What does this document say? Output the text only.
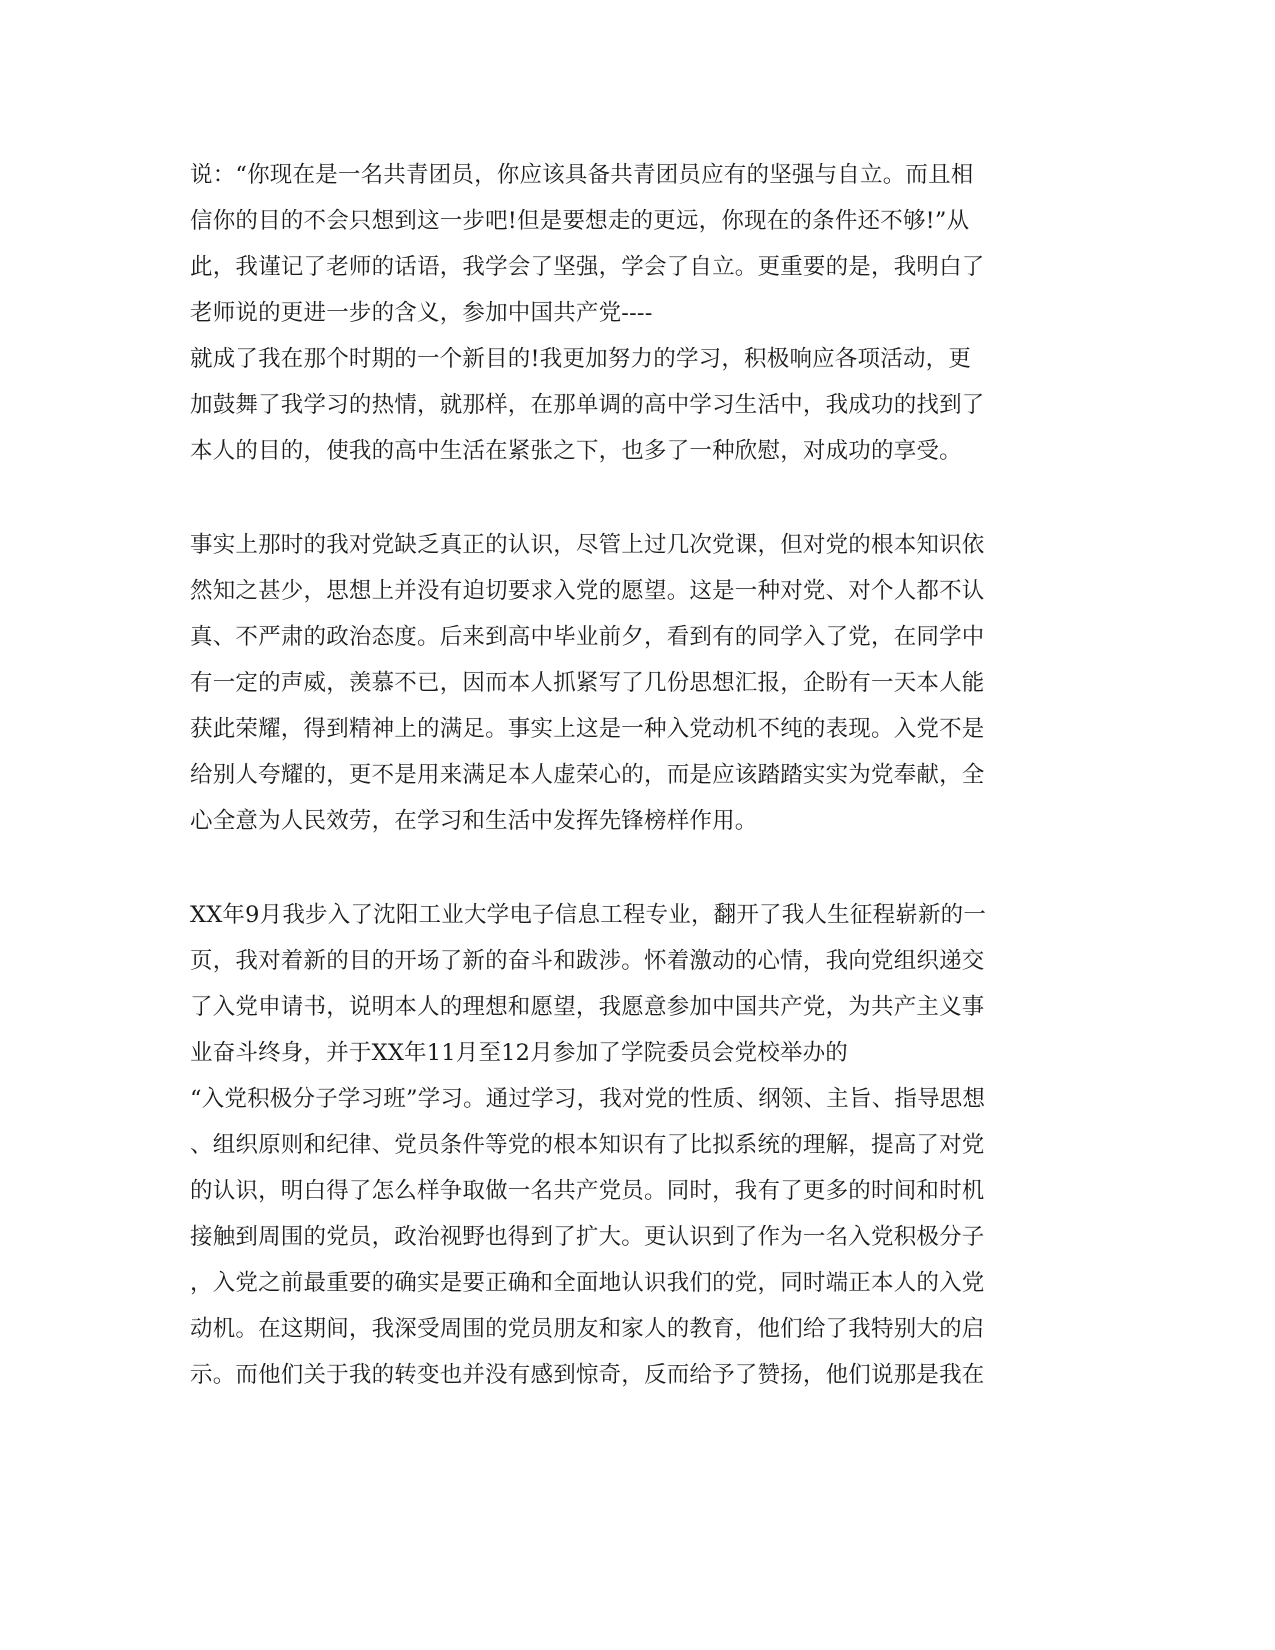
说：“你现在是一名共青团员，你应该具备共青团员应有的坚强与自立。而且相
信你的目的不会只想到这一步吧!但是要想走的更远，你现在的条件还不够!”从
此，我谨记了老师的话语，我学会了坚强，学会了自立。更重要的是，我明白了
老师说的更进一步的含义，参加中国共产党----
就成了我在那个时期的一个新目的!我更加努力的学习，积极响应各项活动，更
加鼓舞了我学习的热情，就那样，在那单调的高中学习生活中，我成功的找到了
本人的目的，使我的高中生活在紧张之下，也多了一种欣慰，对成功的享受。
事实上那时的我对党缺乏真正的认识，尽管上过几次党课，但对党的根本知识依
然知之甚少，思想上并没有迫切要求入党的愿望。这是一种对党、对个人都不认
真、不严肃的政治态度。后来到高中毕业前夕，看到有的同学入了党，在同学中
有一定的声威，羡慕不已，因而本人抓紧写了几份思想汇报，企盼有一天本人能
获此荣耀，得到精神上的满足。事实上这是一种入党动机不纯的表现。入党不是
给别人夸耀的，更不是用来满足本人虚荣心的，而是应该踏踏实实为党奉献，全
心全意为人民效劳，在学习和生活中发挥先锋榜样作用。
XX年9月我步入了沈阳工业大学电子信息工程专业，翻开了我人生征程崭新的一
页，我对着新的目的开场了新的奋斗和跋涉。怀着激动的心情，我向党组织递交
了入党申请书，说明本人的理想和愿望，我愿意参加中国共产党，为共产主义事
业奋斗终身，并于XX年11月至12月参加了学院委员会党校举办的
“入党积极分子学习班”学习。通过学习，我对党的性质、纲领、主旨、指导思想
、组织原则和纪律、党员条件等党的根本知识有了比拟系统的理解，提高了对党
的认识，明白得了怎么样争取做一名共产党员。同时，我有了更多的时间和时机
接触到周围的党员，政治视野也得到了扩大。更认识到了作为一名入党积极分子
，入党之前最重要的确实是要正确和全面地认识我们的党，同时端正本人的入党
动机。在这期间，我深受周围的党员朋友和家人的教育，他们给了我特别大的启
示。而他们关于我的转变也并没有感到惊奇，反而给予了赞扬，他们说那是我在
